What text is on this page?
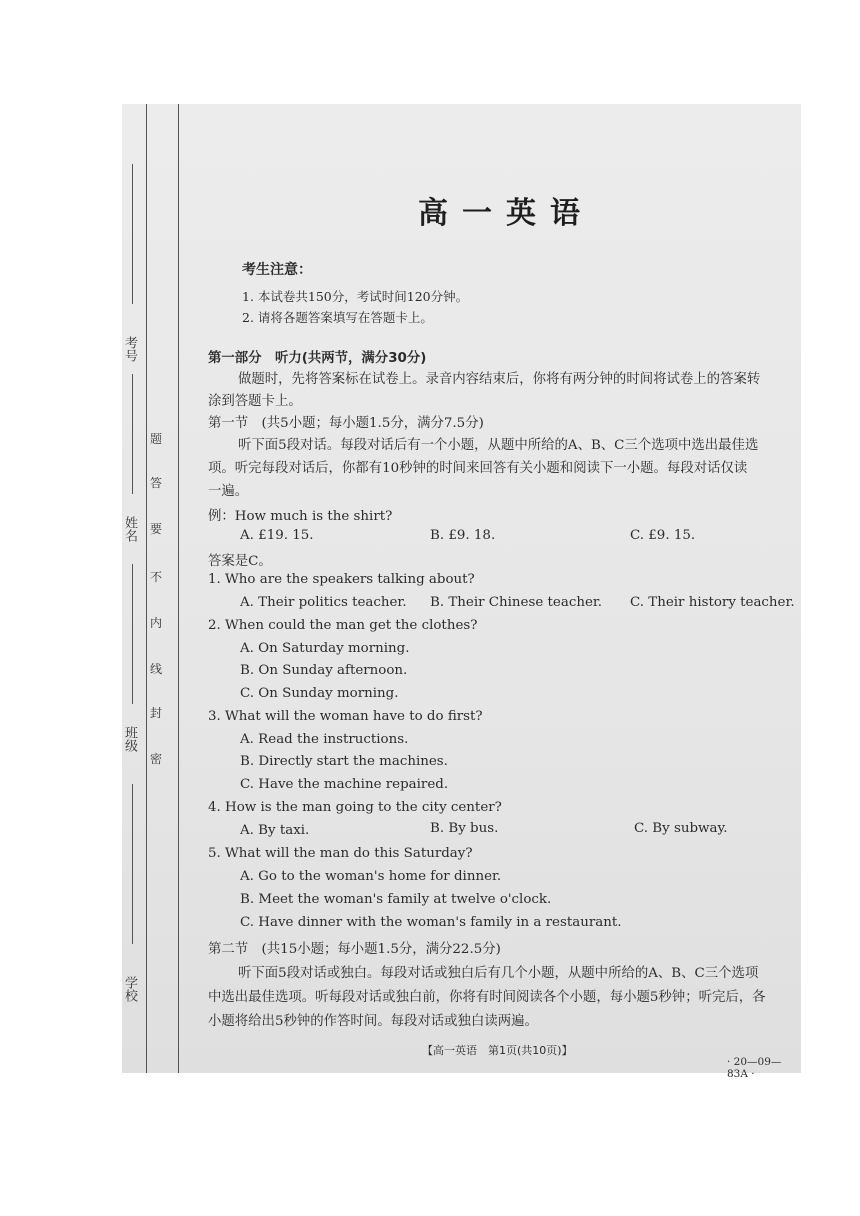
考号
姓名
班级
学校
密
封
线
内
不
要
答
题
高一英语
考生注意：
1. 本试卷共150分，考试时间120分钟。
2. 请将各题答案填写在答题卡上。
第一部分　听力(共两节，满分30分)
做题时，先将答案标在试卷上。录音内容结束后，你将有两分钟的时间将试卷上的答案转
涂到答题卡上。
第一节　(共5小题；每小题1.5分，满分7.5分)
听下面5段对话。每段对话后有一个小题，从题中所给的A、B、C三个选项中选出最佳选
项。听完每段对话后，你都有10秒钟的时间来回答有关小题和阅读下一小题。每段对话仅读
一遍。
例：How much is the shirt?
A. £19. 15.	B. £9. 18.	C. £9. 15.
答案是C。
1. Who are the speakers talking about?
A. Their politics teacher. B. Their Chinese teacher. C. Their history teacher.
2. When could the man get the clothes?
A. On Saturday morning.
B. On Sunday afternoon.
C. On Sunday morning.
3. What will the woman have to do first?
A. Read the instructions.
B. Directly start the machines.
C. Have the machine repaired.
4. How is the man going to the city center?
A. By taxi.	B. By bus.	C. By subway.
5. What will the man do this Saturday?
A. Go to the woman's home for dinner.
B. Meet the woman's family at twelve o'clock.
C. Have dinner with the woman's family in a restaurant.
第二节　(共15小题；每小题1.5分，满分22.5分)
听下面5段对话或独白。每段对话或独白后有几个小题，从题中所给的A、B、C三个选项
中选出最佳选项。听每段对话或独白前，你将有时间阅读各个小题，每小题5秒钟；听完后，各
小题将给出5秒钟的作答时间。每段对话或独白读两遍。
【高一英语　第1页(共10页)】
· 20—09—83A ·
